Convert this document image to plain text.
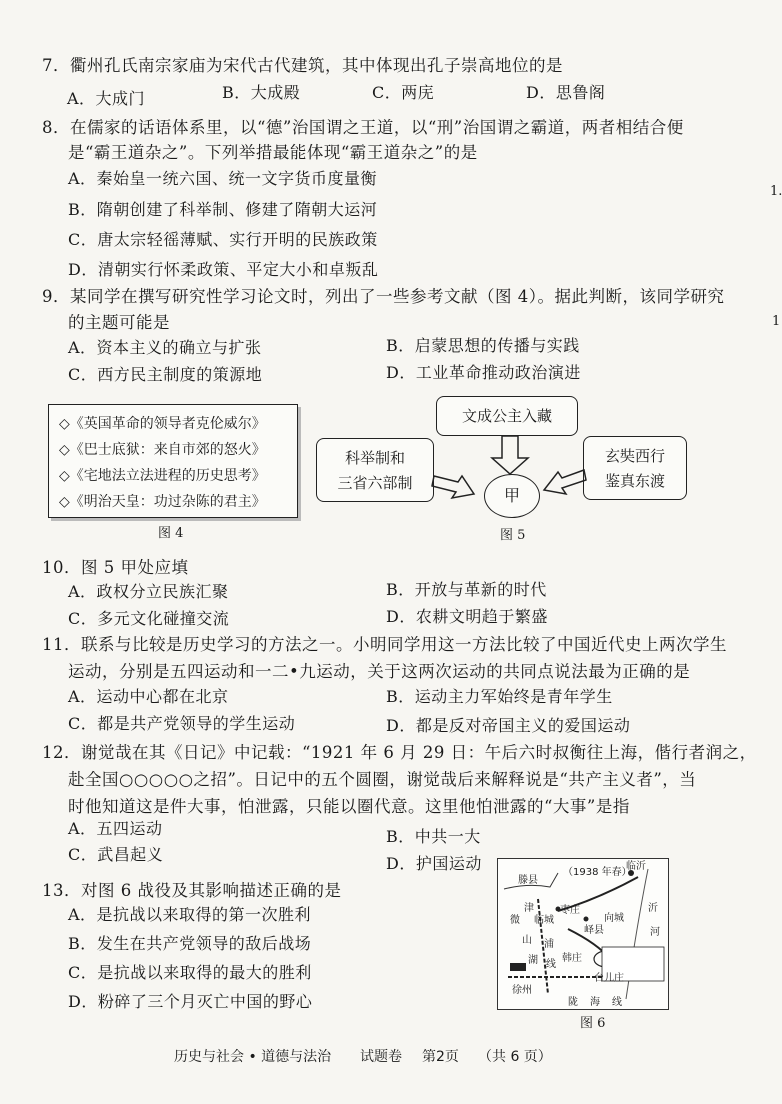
7．衢州孔氏南宗家庙为宋代古代建筑，其中体现出孔子崇高地位的是
A．大成门	B．大成殿	C．两庑	D．思鲁阁
8．在儒家的话语体系里，以“德”治国谓之王道，以“刑”治国谓之霸道，两者相结合便
是“霸王道杂之”。下列举措最能体现“霸王道杂之”的是
A．秦始皇一统六国、统一文字货币度量衡
B．隋朝创建了科举制、修建了隋朝大运河
C．唐太宗轻徭薄赋、实行开明的民族政策
D．清朝实行怀柔政策、平定大小和卓叛乱
1.
1
9．某同学在撰写研究性学习论文时，列出了一些参考文献（图 4）。据此判断，该同学研究
的主题可能是
A．资本主义的确立与扩张	B．启蒙思想的传播与实践
C．西方民主制度的策源地	D．工业革命推动政治演进
◇《英国革命的领导者克伦威尔》
◇《巴士底狱：来自市郊的怒火》
◇《宅地法立法进程的历史思考》
◇《明治天皇：功过杂陈的君主》
图 4
文成公主入藏
科举制和
三省六部制
玄奘西行
鉴真东渡
甲
图 5
10．图 5 甲处应填
A．政权分立民族汇聚	B．开放与革新的时代
C．多元文化碰撞交流	D．农耕文明趋于繁盛
11．联系与比较是历史学习的方法之一。小明同学用这一方法比较了中国近代史上两次学生
运动，分别是五四运动和一二•九运动，关于这两次运动的共同点说法最为正确的是
A．运动中心都在北京	B．运动主力军始终是青年学生
C．都是共产党领导的学生运动	D．都是反对帝国主义的爱国运动
12．谢觉哉在其《日记》中记载：“1921 年 6 月 29 日：午后六时叔衡往上海，偕行者润之，
赴全国○○○○○之招”。日记中的五个圆圈，谢觉哉后来解释说是“共产主义者”，当
时他知道这是件大事，怕泄露，只能以圈代意。这里他怕泄露的“大事”是指
A．五四运动	B．中共一大
C．武昌起义	D．护国运动
13．对图 6 战役及其影响描述正确的是
A．是抗战以来取得的第一次胜利
B．发生在共产党领导的敌后战场
C．是抗战以来取得的最大的胜利
D．粉碎了三个月灭亡中国的野心
（1938 年春）
滕县
枣庄
临沂
沂
河
微
山
湖
津
浦
线
临城
峄县
向城
韩庄
台儿庄
徐州
陇 海 线
图 6
历史与社会 • 道德与法治 试题卷 第2页 （共 6 页）
